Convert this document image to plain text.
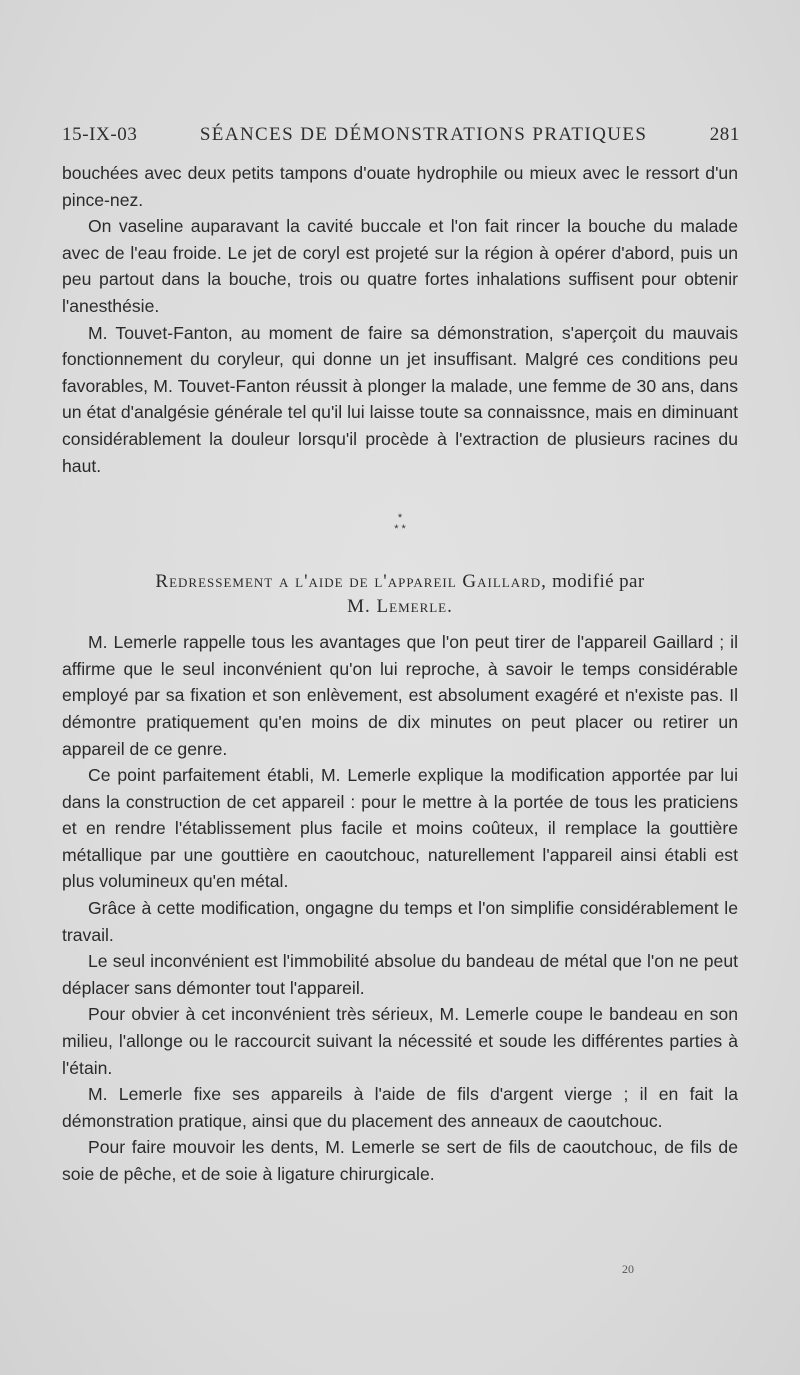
15-IX-03	SÉANCES DE DÉMONSTRATIONS PRATIQUES	281

bouchées avec deux petits tampons d'ouate hydrophile ou mieux avec le ressort d'un pince-nez.

On vaseline auparavant la cavité buccale et l'on fait rincer la bouche du malade avec de l'eau froide. Le jet de coryl est projeté sur la région à opérer d'abord, puis un peu partout dans la bouche, trois ou quatre fortes inhalations suffisent pour obtenir l'anesthésie.

M. Touvet-Fanton, au moment de faire sa démonstration, s'aperçoit du mauvais fonctionnement du coryleur, qui donne un jet insuffisant. Malgré ces conditions peu favorables, M. Touvet-Fanton réussit à plonger la malade, une femme de 30 ans, dans un état d'analgésie générale tel qu'il lui laisse toute sa connaissnce, mais en diminuant considérablement la douleur lorsqu'il procède à l'extraction de plusieurs racines du haut.

*
* *
Redressement a l'aide de l'appareil Gaillard, modifié par
M. Lemerle.

M. Lemerle rappelle tous les avantages que l'on peut tirer de l'appareil Gaillard ; il affirme que le seul inconvénient qu'on lui reproche, à savoir le temps considérable employé par sa fixation et son enlèvement, est absolument exagéré et n'existe pas. Il démontre pratiquement qu'en moins de dix minutes on peut placer ou retirer un appareil de ce genre.

Ce point parfaitement établi, M. Lemerle explique la modification apportée par lui dans la construction de cet appareil : pour le mettre à la portée de tous les praticiens et en rendre l'établissement plus facile et moins coûteux, il remplace la gouttière métallique par une gouttière en caoutchouc, naturellement l'appareil ainsi établi est plus volumineux qu'en métal.

Grâce à cette modification, ongagne du temps et l'on simplifie considérablement le travail.

Le seul inconvénient est l'immobilité absolue du bandeau de métal que l'on ne peut déplacer sans démonter tout l'appareil.

Pour obvier à cet inconvénient très sérieux, M. Lemerle coupe le bandeau en son milieu, l'allonge ou le raccourcit suivant la nécessité et soude les différentes parties à l'étain.

M. Lemerle fixe ses appareils à l'aide de fils d'argent vierge ; il en fait la démonstration pratique, ainsi que du placement des anneaux de caoutchouc.

Pour faire mouvoir les dents, M. Lemerle se sert de fils de caoutchouc, de fils de soie de pêche, et de soie à ligature chirurgicale.

20
